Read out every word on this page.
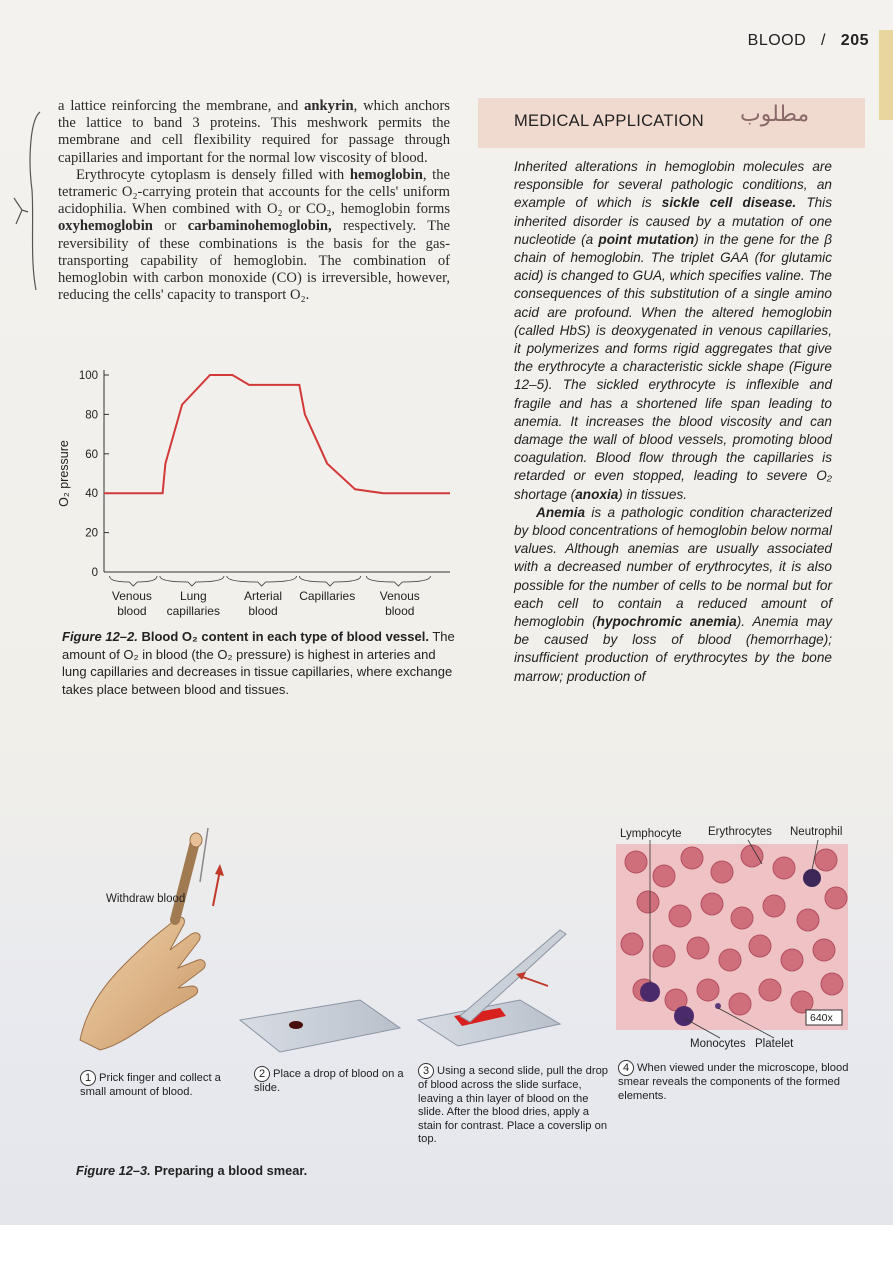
BLOOD / 205

a lattice reinforcing the membrane, and ankyrin, which anchors the lattice to band 3 proteins. This meshwork permits the membrane and cell flexibility required for passage through capillaries and important for the normal low viscosity of blood.

Erythrocyte cytoplasm is densely filled with hemoglobin, the tetrameric O₂-carrying protein that accounts for the cells' uniform acidophilia. When combined with O₂ or CO₂, hemoglobin forms oxyhemoglobin or carbaminohemoglobin, respectively. The reversibility of these combinations is the basis for the gas-transporting capability of hemoglobin. The combination of hemoglobin with carbon monoxide (CO) is irreversible, however, reducing the cells' capacity to transport O₂.

MEDICAL APPLICATION مطلوب

Inherited alterations in hemoglobin molecules are responsible for several pathologic conditions, an example of which is sickle cell disease. This inherited disorder is caused by a mutation of one nucleotide (a point mutation) in the gene for the β chain of hemoglobin. The triplet GAA (for glutamic acid) is changed to GUA, which specifies valine. The consequences of this substitution of a single amino acid are profound. When the altered hemoglobin (called HbS) is deoxygenated in venous capillaries, it polymerizes and forms rigid aggregates that give the erythrocyte a characteristic sickle shape (Figure 12–5). The sickled erythrocyte is inflexible and fragile and has a shortened life span leading to anemia. It increases the blood viscosity and can damage the wall of blood vessels, promoting blood coagulation. Blood flow through the capillaries is retarded or even stopped, leading to severe O₂ shortage (anoxia) in tissues.

Anemia is a pathologic condition characterized by blood concentrations of hemoglobin below normal values. Although anemias are usually associated with a decreased number of erythrocytes, it is also possible for the number of cells to be normal but for each cell to contain a reduced amount of hemoglobin (hypochromic anemia). Anemia may be caused by loss of blood (hemorrhage); insufficient production of erythrocytes by the bone marrow; production of

0
20
40
60
80
100
O₂ pressure
Venous
blood
Lung
capillaries
Arterial
blood
Capillaries Venous
blood
Figure 12–2. Blood O₂ content in each type of blood vessel. The amount of O₂ in blood (the O₂ pressure) is highest in arteries and lung capillaries and decreases in tissue capillaries, where exchange takes place between blood and tissues.
Withdraw blood
Lymphocyte Erythrocytes Neutrophil
Monocytes Platelet
640x
1 Prick finger and collect a small amount of blood.
2 Place a drop of blood on a slide.
3 Using a second slide, pull the drop of blood across the slide surface, leaving a thin layer of blood on the slide. After the blood dries, apply a stain for contrast. Place a coverslip on top.
4 When viewed under the microscope, blood smear reveals the components of the formed elements.
Figure 12–3. Preparing a blood smear.
